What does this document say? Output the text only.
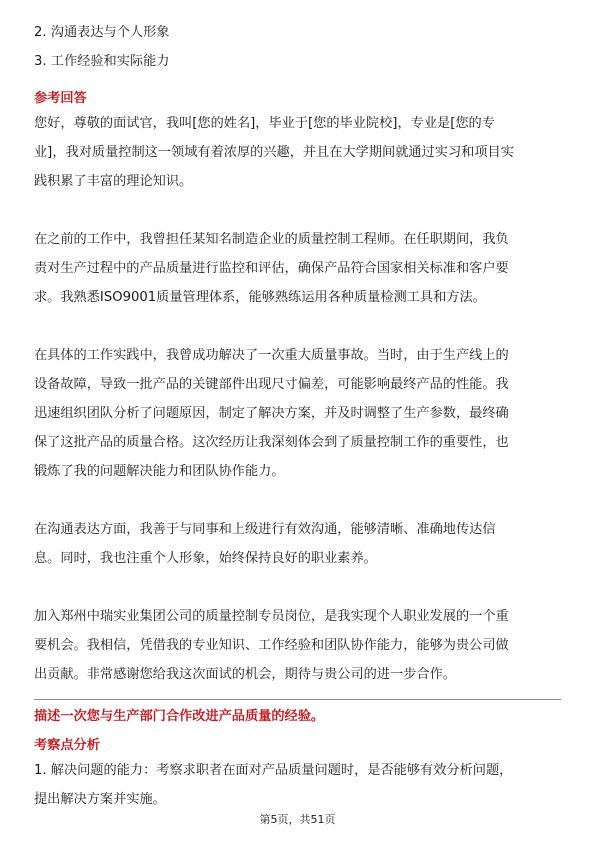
2. 沟通表达与个人形象
3. 工作经验和实际能力
参考回答
您好，尊敬的面试官，我叫[您的姓名]，毕业于[您的毕业院校]，专业是[您的专
业]，我对质量控制这一领域有着浓厚的兴趣，并且在大学期间就通过实习和项目实
践积累了丰富的理论知识。
在之前的工作中，我曾担任某知名制造企业的质量控制工程师。在任职期间，我负
责对生产过程中的产品质量进行监控和评估，确保产品符合国家相关标准和客户要
求。我熟悉ISO9001质量管理体系，能够熟练运用各种质量检测工具和方法。
在具体的工作实践中，我曾成功解决了一次重大质量事故。当时，由于生产线上的
设备故障，导致一批产品的关键部件出现尺寸偏差，可能影响最终产品的性能。我
迅速组织团队分析了问题原因，制定了解决方案，并及时调整了生产参数，最终确
保了这批产品的质量合格。这次经历让我深刻体会到了质量控制工作的重要性，也
锻炼了我的问题解决能力和团队协作能力。
在沟通表达方面，我善于与同事和上级进行有效沟通，能够清晰、准确地传达信
息。同时，我也注重个人形象，始终保持良好的职业素养。
加入郑州中瑞实业集团公司的质量控制专员岗位，是我实现个人职业发展的一个重
要机会。我相信，凭借我的专业知识、工作经验和团队协作能力，能够为贵公司做
出贡献。非常感谢您给我这次面试的机会，期待与贵公司的进一步合作。
描述一次您与生产部门合作改进产品质量的经验。
考察点分析
1. 解决问题的能力：考察求职者在面对产品质量问题时，是否能够有效分析问题，
提出解决方案并实施。
第5页，共51页
